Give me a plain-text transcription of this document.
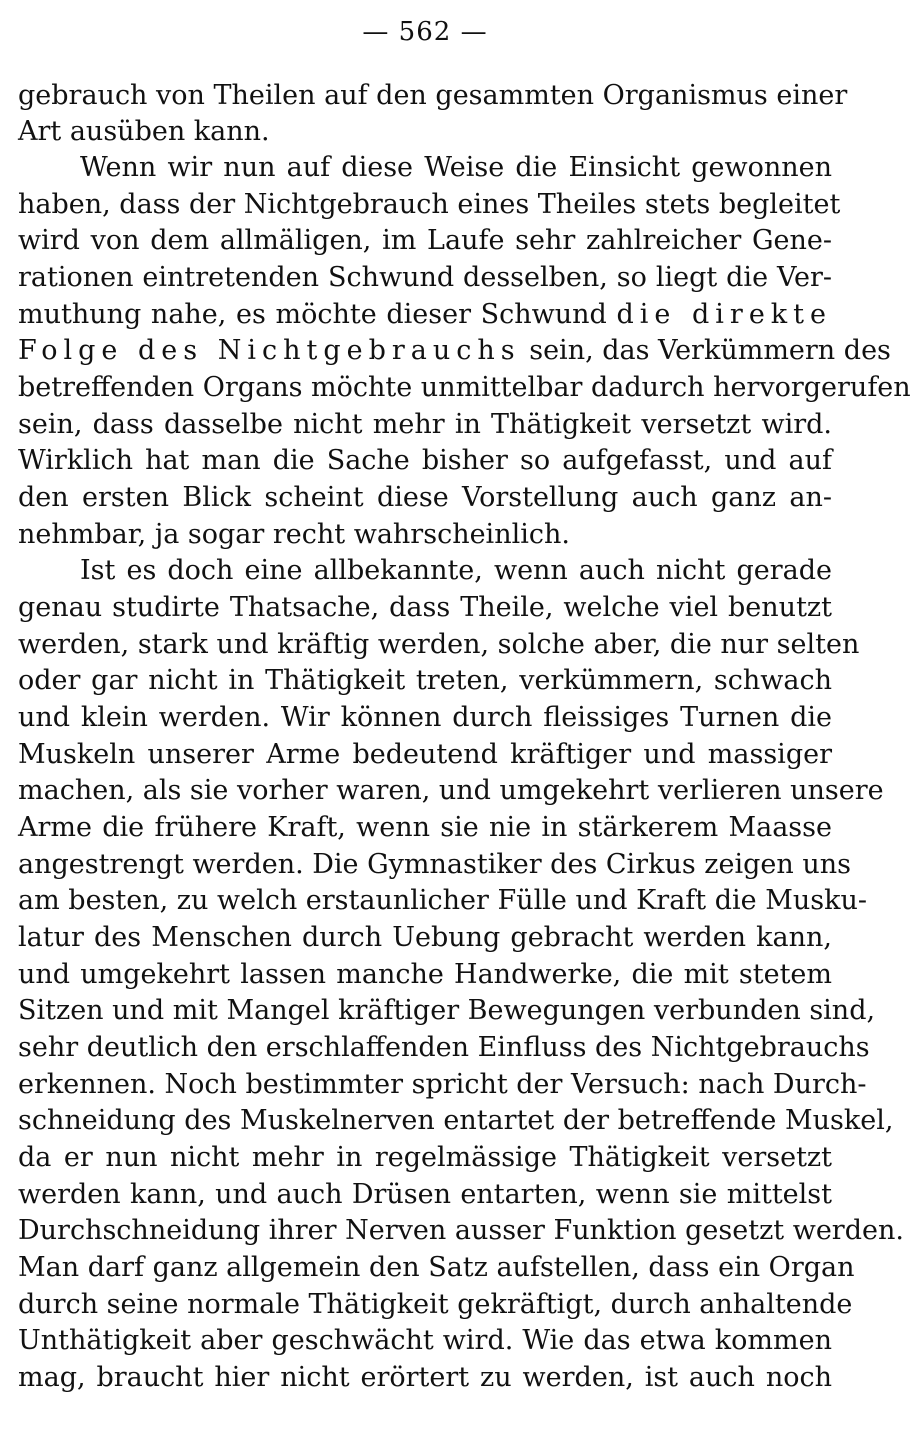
— 562 —
gebrauch von Theilen auf den gesammten Organismus einer
Art ausüben kann.
Wenn wir nun auf diese Weise die Einsicht gewonnen
haben, dass der Nichtgebrauch eines Theiles stets begleitet
wird von dem allmäligen, im Laufe sehr zahlreicher Gene-
rationen eintretenden Schwund desselben, so liegt die Ver-
muthung nahe, es möchte dieser Schwund die direkte
Folge des Nichtgebrauchs sein, das Verkümmern des
betreffenden Organs möchte unmittelbar dadurch hervorgerufen
sein, dass dasselbe nicht mehr in Thätigkeit versetzt wird.
Wirklich hat man die Sache bisher so aufgefasst, und auf
den ersten Blick scheint diese Vorstellung auch ganz an-
nehmbar, ja sogar recht wahrscheinlich.
Ist es doch eine allbekannte, wenn auch nicht gerade
genau studirte Thatsache, dass Theile, welche viel benutzt
werden, stark und kräftig werden, solche aber, die nur selten
oder gar nicht in Thätigkeit treten, verkümmern, schwach
und klein werden. Wir können durch fleissiges Turnen die
Muskeln unserer Arme bedeutend kräftiger und massiger
machen, als sie vorher waren, und umgekehrt verlieren unsere
Arme die frühere Kraft, wenn sie nie in stärkerem Maasse
angestrengt werden. Die Gymnastiker des Cirkus zeigen uns
am besten, zu welch erstaunlicher Fülle und Kraft die Musku-
latur des Menschen durch Uebung gebracht werden kann,
und umgekehrt lassen manche Handwerke, die mit stetem
Sitzen und mit Mangel kräftiger Bewegungen verbunden sind,
sehr deutlich den erschlaffenden Einfluss des Nichtgebrauchs
erkennen. Noch bestimmter spricht der Versuch: nach Durch-
schneidung des Muskelnerven entartet der betreffende Muskel,
da er nun nicht mehr in regelmässige Thätigkeit versetzt
werden kann, und auch Drüsen entarten, wenn sie mittelst
Durchschneidung ihrer Nerven ausser Funktion gesetzt werden.
Man darf ganz allgemein den Satz aufstellen, dass ein Organ
durch seine normale Thätigkeit gekräftigt, durch anhaltende
Unthätigkeit aber geschwächt wird. Wie das etwa kommen
mag, braucht hier nicht erörtert zu werden, ist auch noch
